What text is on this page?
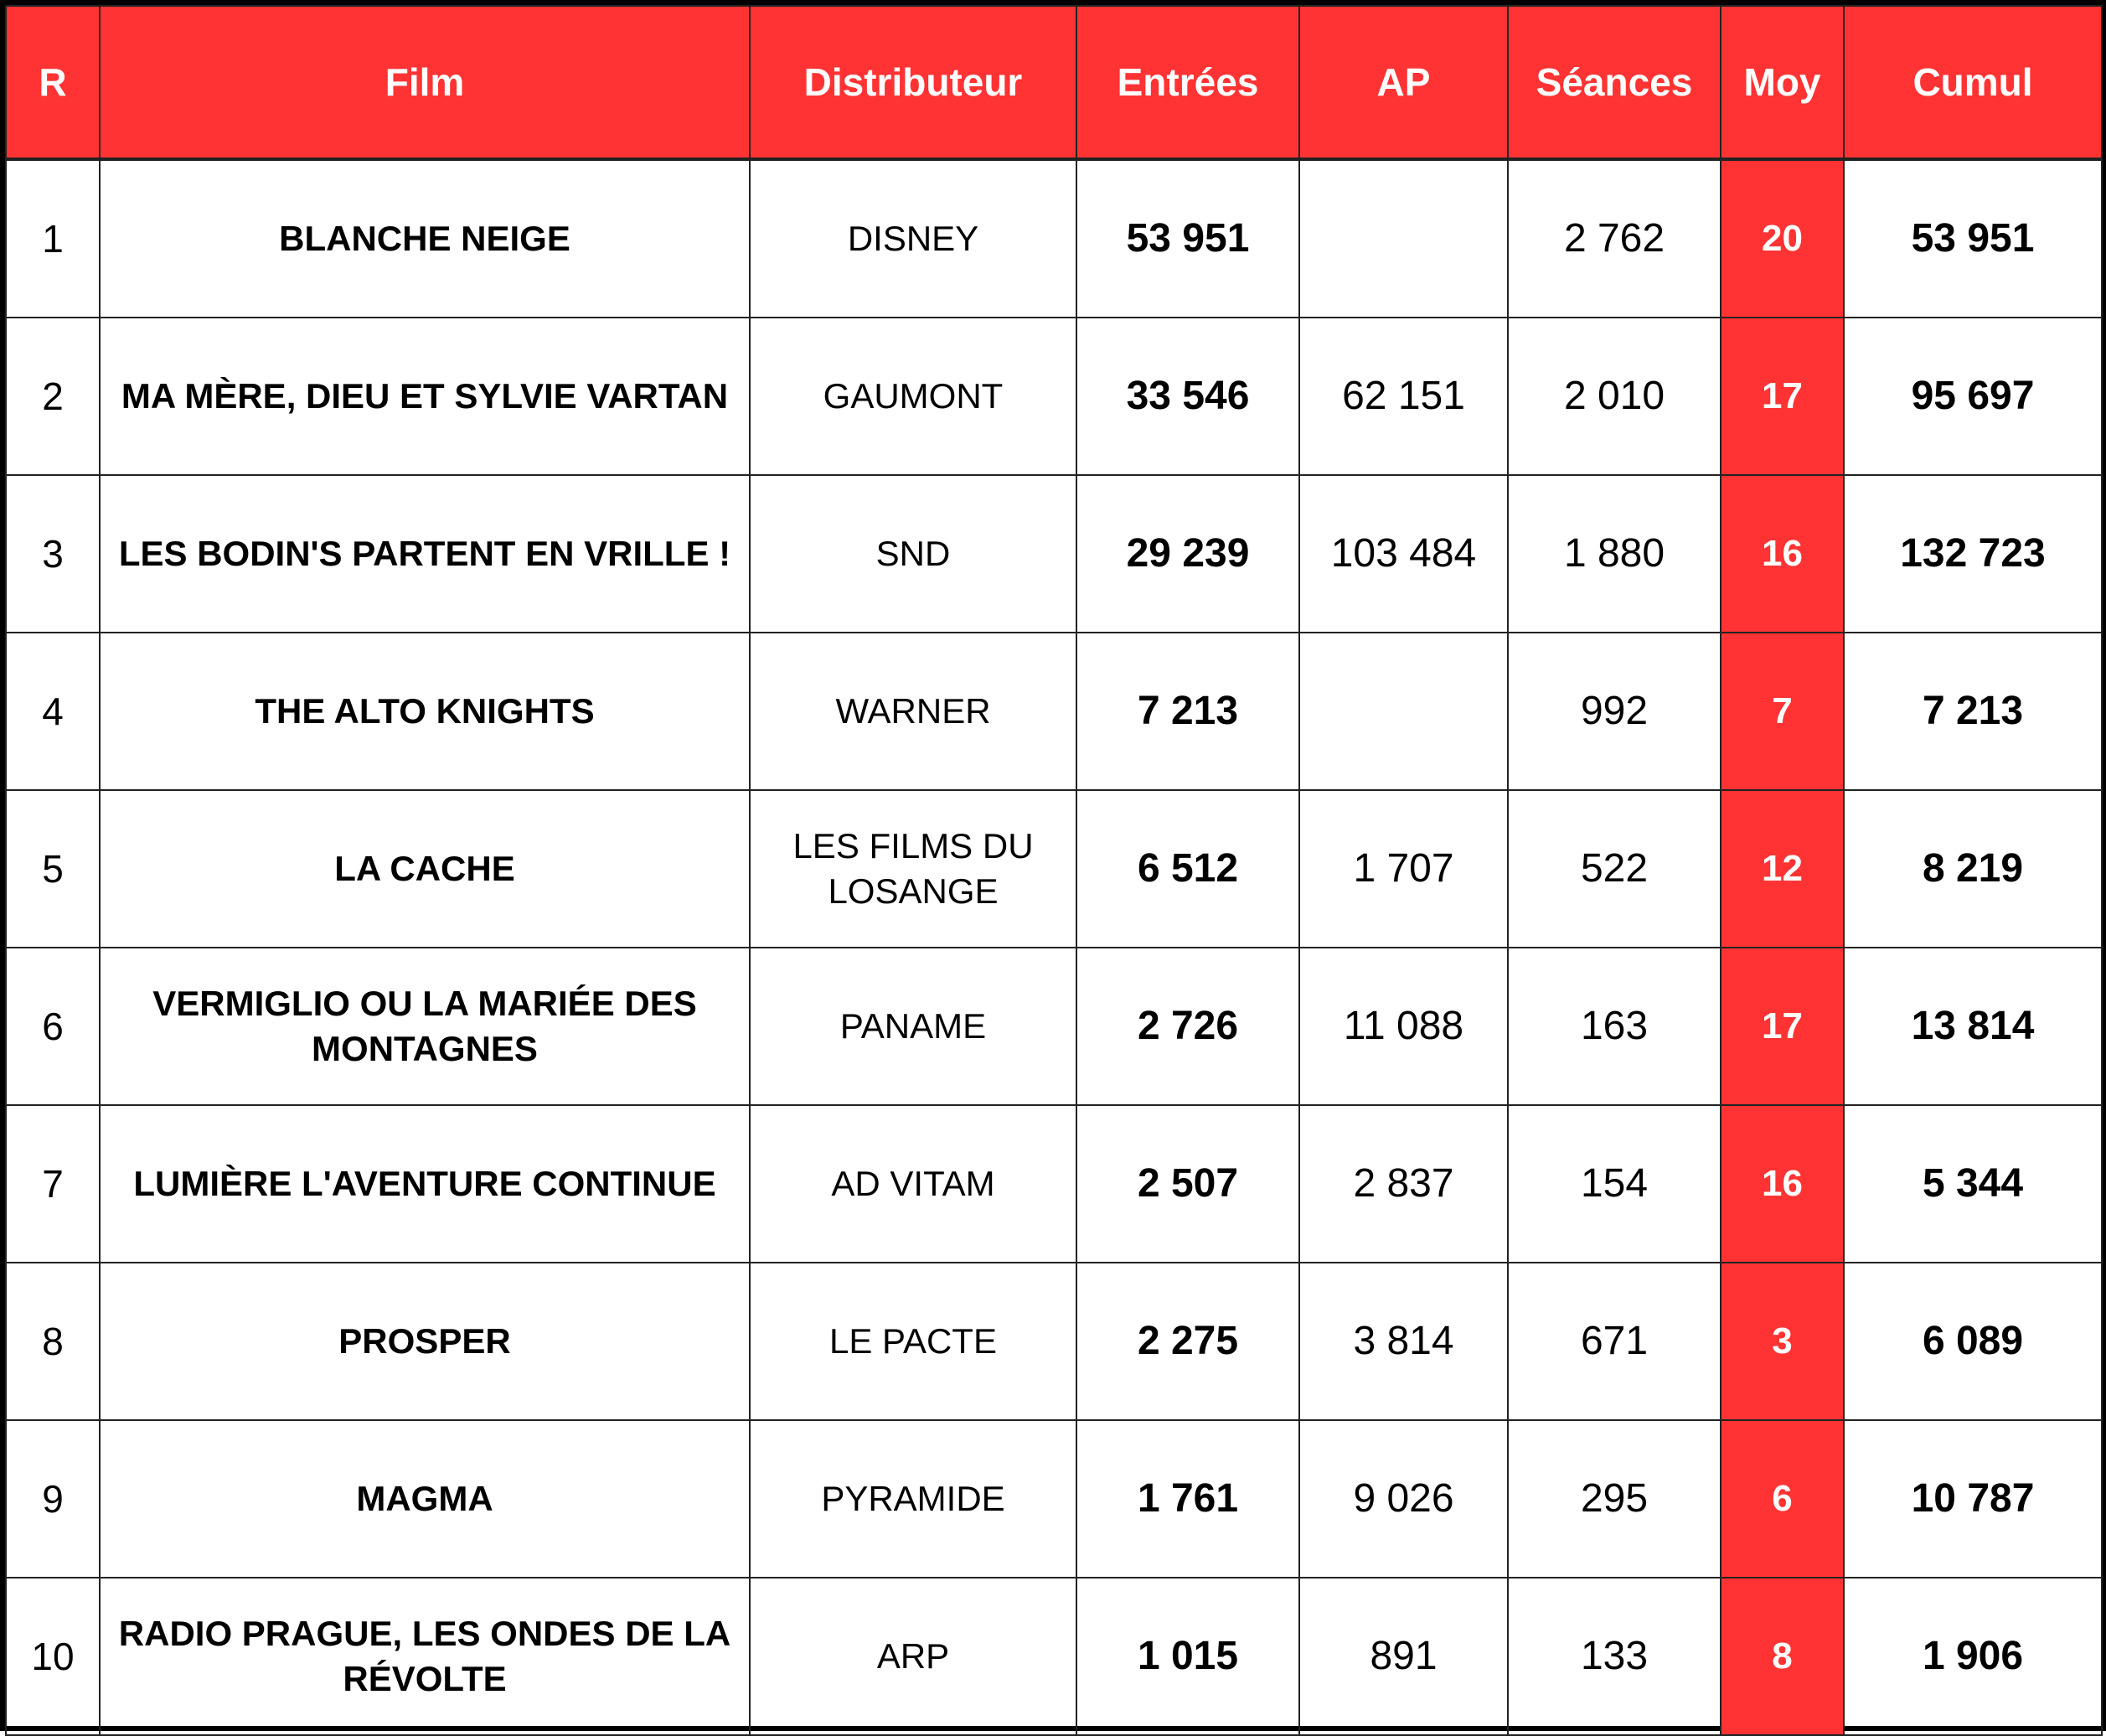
R	Film	Distributeur	Entrées	AP	Séances	Moy	Cumul
1	BLANCHE NEIGE	DISNEY	53 951		2 762	20	53 951
2	MA MÈRE, DIEU ET SYLVIE VARTAN	GAUMONT	33 546	62 151	2 010	17	95 697
3	LES BODIN'S PARTENT EN VRILLE !	SND	29 239	103 484	1 880	16	132 723
4	THE ALTO KNIGHTS	WARNER	7 213		992	7	7 213
5	LA CACHE	LES FILMS DU LOSANGE	6 512	1 707	522	12	8 219
6	VERMIGLIO OU LA MARIÉE DES MONTAGNES	PANAME	2 726	11 088	163	17	13 814
7	LUMIÈRE L'AVENTURE CONTINUE	AD VITAM	2 507	2 837	154	16	5 344
8	PROSPER	LE PACTE	2 275	3 814	671	3	6 089
9	MAGMA	PYRAMIDE	1 761	9 026	295	6	10 787
10	RADIO PRAGUE, LES ONDES DE LA RÉVOLTE	ARP	1 015	891	133	8	1 906
